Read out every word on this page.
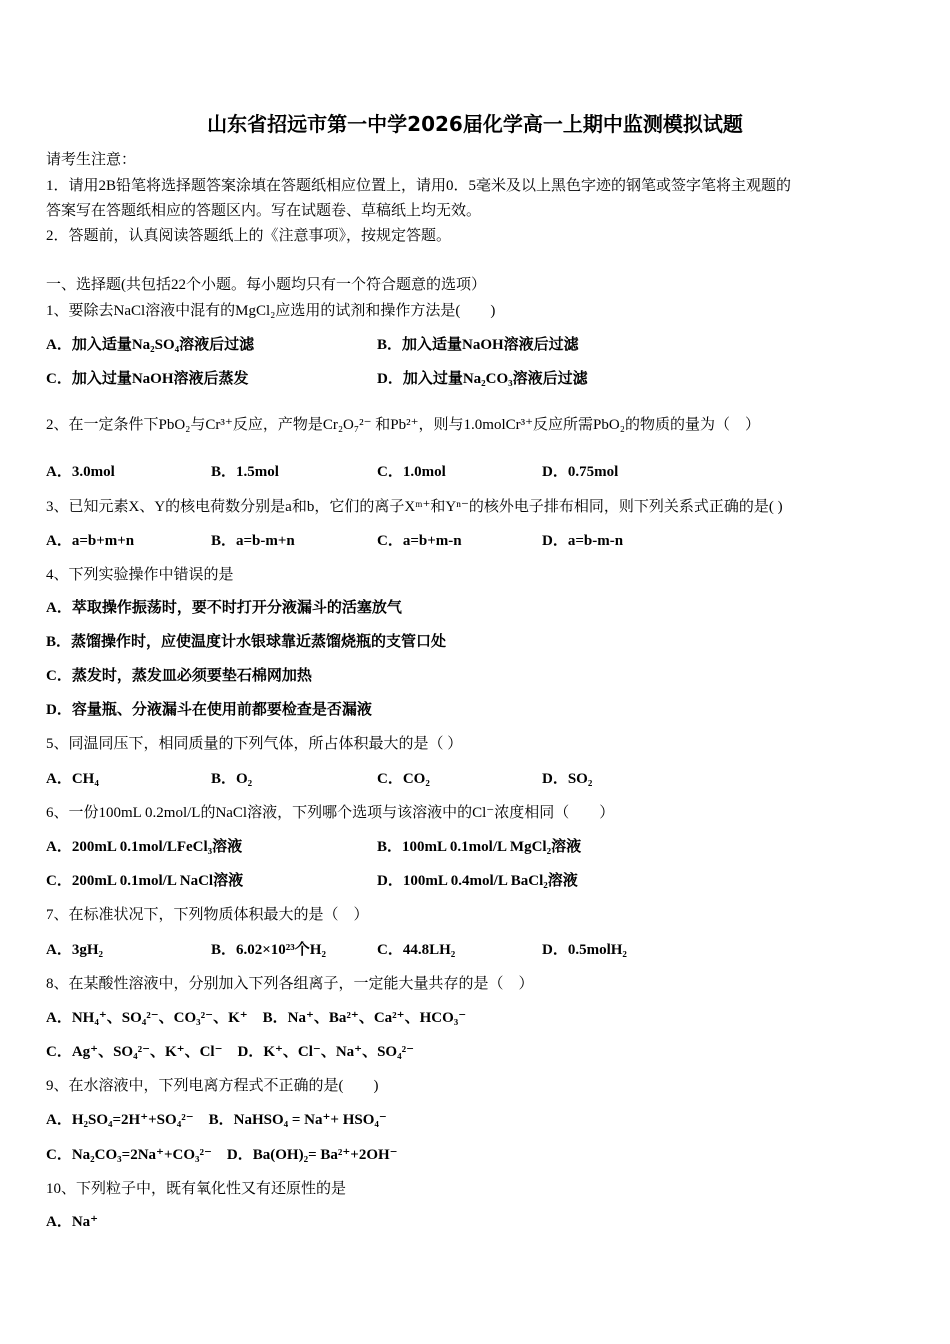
山东省招远市第一中学2026届化学高一上期中监测模拟试题
请考生注意：
1．请用2B铅笔将选择题答案涂填在答题纸相应位置上，请用0．5毫米及以上黑色字迹的钢笔或签字笔将主观题的
答案写在答题纸相应的答题区内。写在试题卷、草稿纸上均无效。
2．答题前，认真阅读答题纸上的《注意事项》，按规定答题。
一、选择题(共包括22个小题。每小题均只有一个符合题意的选项）
1、要除去NaCl溶液中混有的MgCl₂应选用的试剂和操作方法是(　　)
A．加入适量Na₂SO₄溶液后过滤	B．加入适量NaOH溶液后过滤
C．加入过量NaOH溶液后蒸发	D．加入过量Na₂CO₃溶液后过滤
2、在一定条件下PbO₂与Cr³⁺反应，产物是Cr₂O₇²⁻ 和Pb²⁺，则与1.0molCr³⁺反应所需PbO₂的物质的量为（　）
A．3.0mol	B．1.5mol	C．1.0mol	D．0.75mol
3、已知元素X、Y的核电荷数分别是a和b，它们的离子Xᵐ⁺和Yⁿ⁻的核外电子排布相同，则下列关系式正确的是( )
A．a=b+m+n	B．a=b-m+n	C．a=b+m-n	D．a=b-m-n
4、下列实验操作中错误的是
A．萃取操作振荡时，要不时打开分液漏斗的活塞放气
B．蒸馏操作时，应使温度计水银球靠近蒸馏烧瓶的支管口处
C．蒸发时，蒸发皿必须要垫石棉网加热
D．容量瓶、分液漏斗在使用前都要检查是否漏液
5、同温同压下，相同质量的下列气体，所占体积最大的是（ ）
A．CH₄	B．O₂	C．CO₂	D．SO₂
6、一份100mL 0.2mol/L的NaCl溶液，下列哪个选项与该溶液中的Cl⁻浓度相同（　　）
A．200mL 0.1mol/LFeCl₃溶液	B．100mL 0.1mol/L MgCl₂溶液
C．200mL 0.1mol/L NaCl溶液	D．100mL 0.4mol/L BaCl₂溶液
7、在标准状况下，下列物质体积最大的是（　）
A．3gH₂	B．6.02×10²³个H₂	C．44.8LH₂	D．0.5molH₂
8、在某酸性溶液中，分别加入下列各组离子，一定能大量共存的是（　）
A．NH₄⁺、SO₄²⁻、CO₃²⁻、K⁺　B．Na⁺、Ba²⁺、Ca²⁺、HCO₃⁻
C．Ag⁺、SO₄²⁻、K⁺、Cl⁻　D．K⁺、Cl⁻、Na⁺、SO₄²⁻
9、在水溶液中，下列电离方程式不正确的是(　　)
A．H₂SO₄=2H⁺+SO₄²⁻　B．NaHSO₄ = Na⁺+ HSO₄⁻
C．Na₂CO₃=2Na⁺+CO₃²⁻　D．Ba(OH)₂= Ba²⁺+2OH⁻
10、下列粒子中，既有氧化性又有还原性的是
A．Na⁺
